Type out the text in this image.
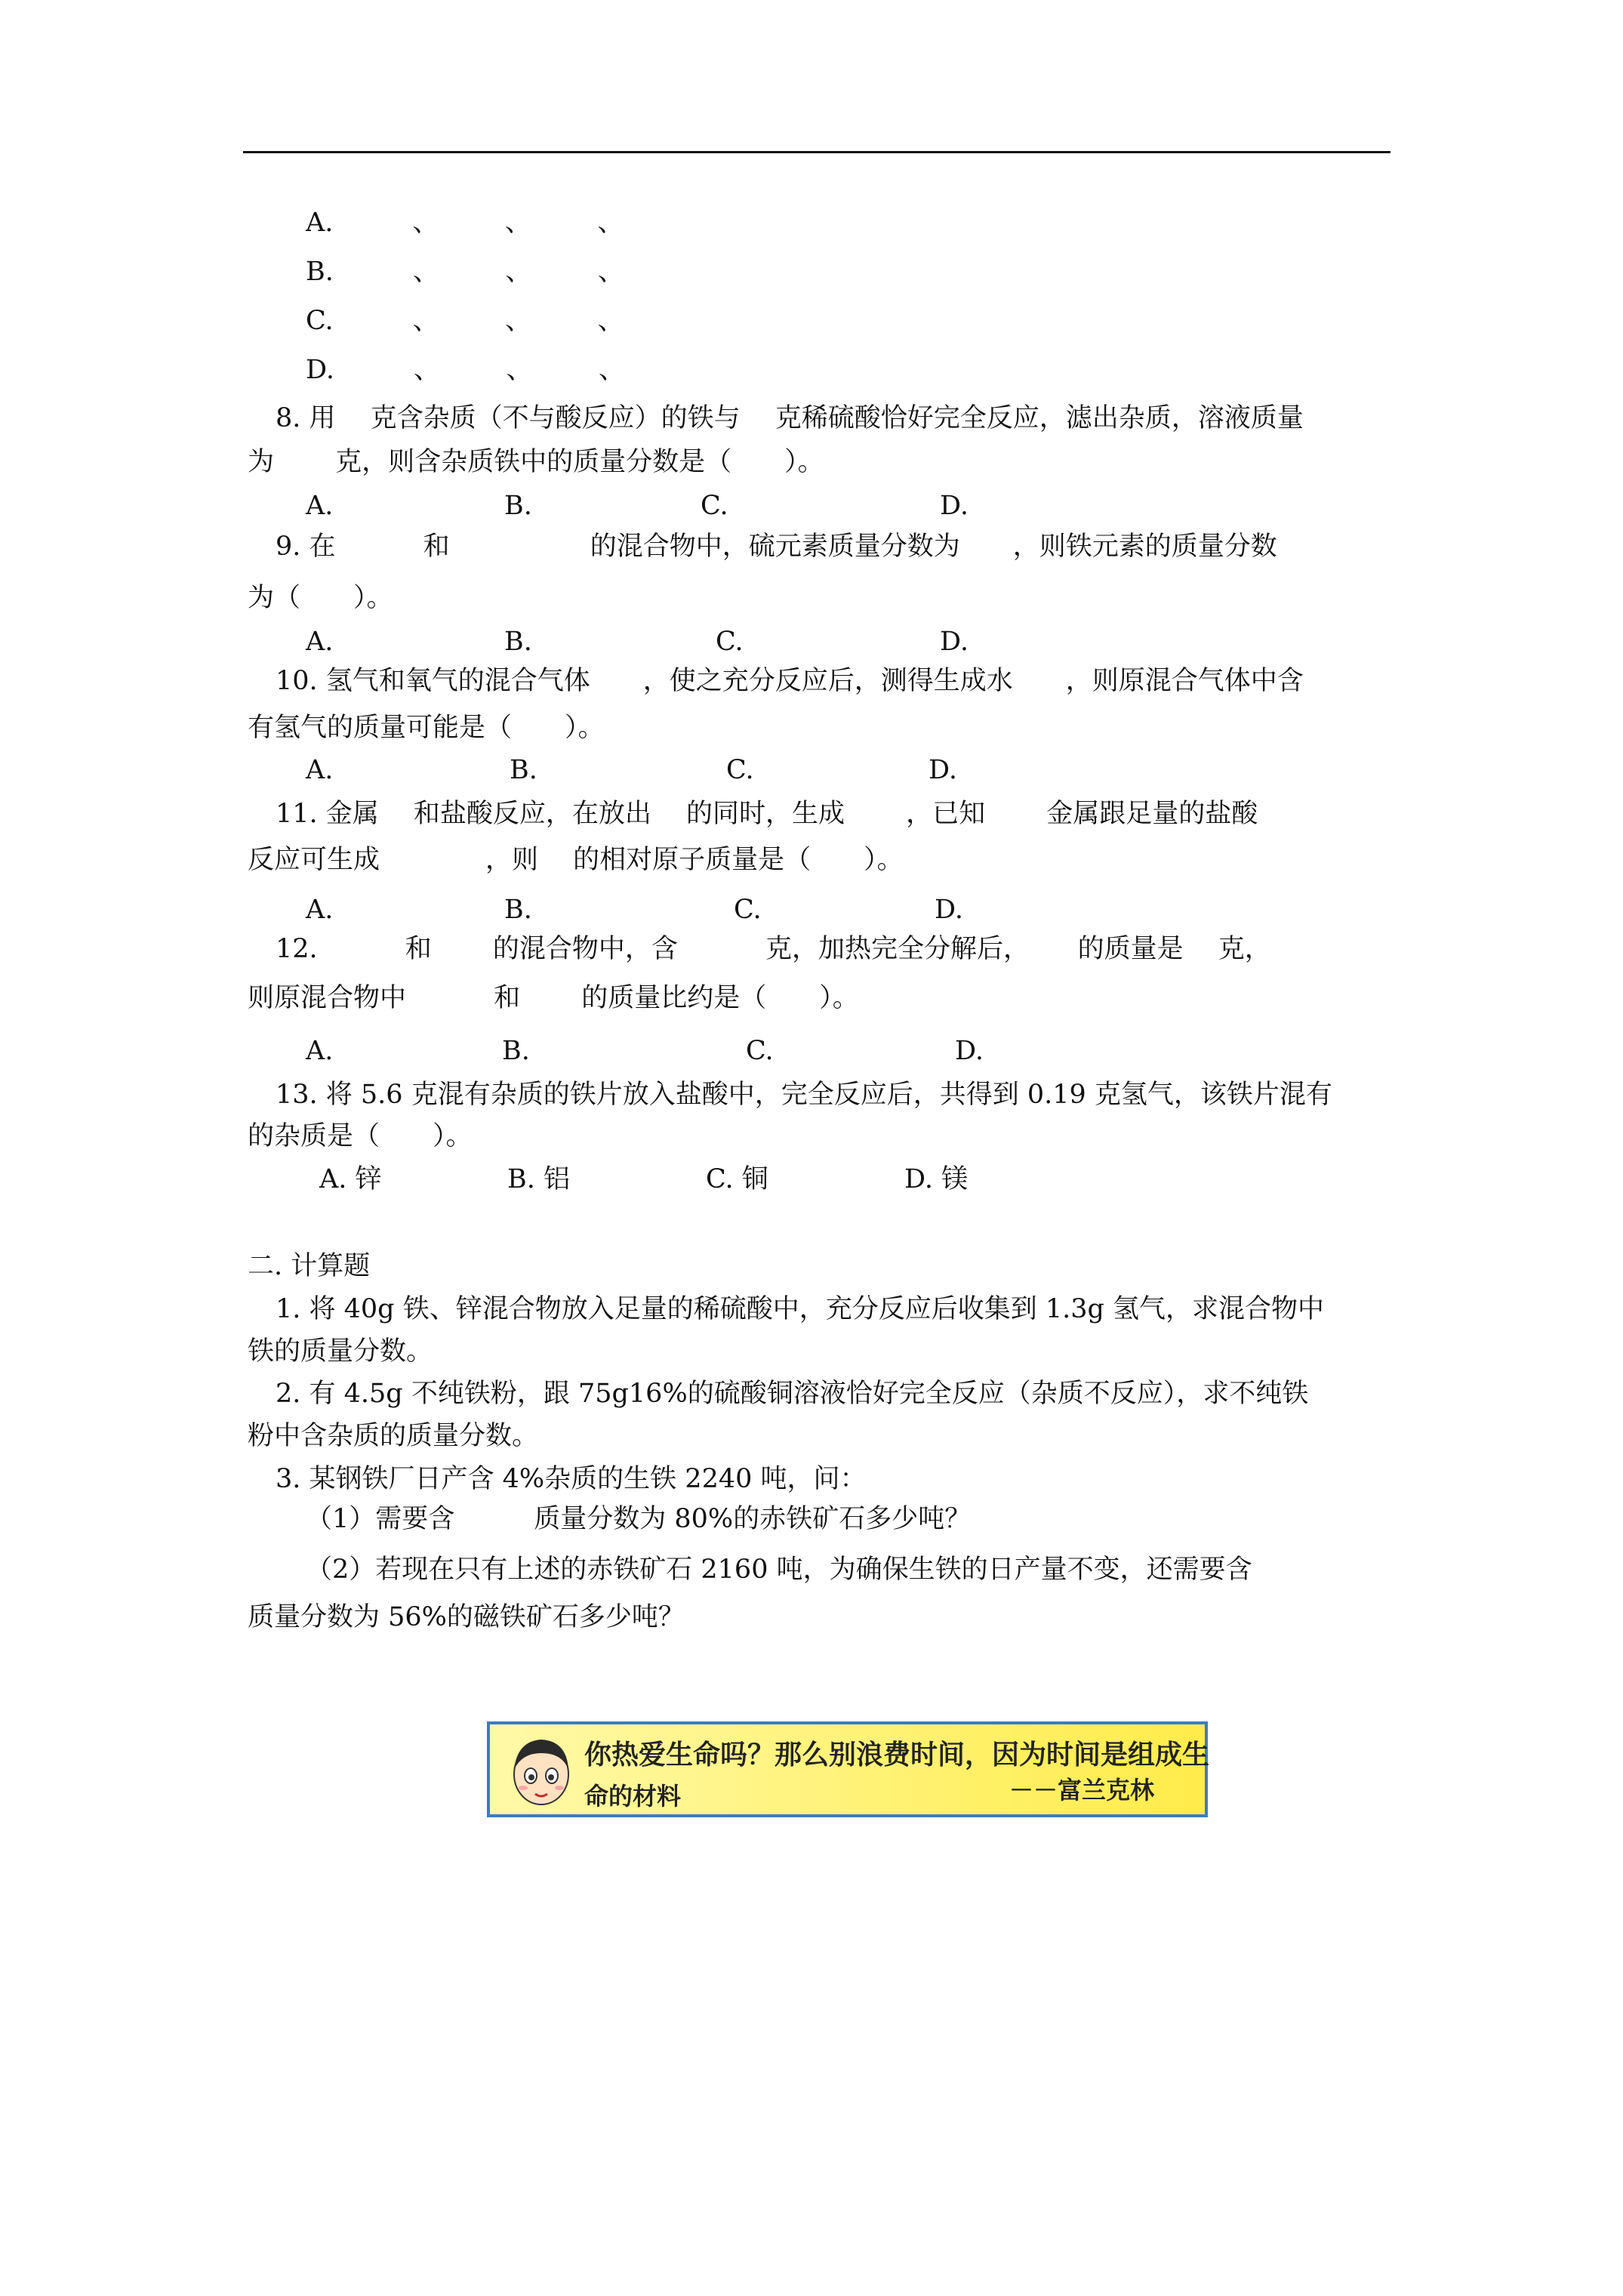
A.　　　、　　　、　　　、
B.　　　、　　　、　　　、
C.　　　、　　　、　　　、
D.　　　、　　　、　　　、
8. 用　 克含杂质（不与酸反应）的铁与　 克稀硫酸恰好完全反应，滤出杂质，溶液质量
为　　 克，则含杂质铁中的质量分数是（　　）。
A.	B.	C.	D.
9. 在　　　 和　　　　　 的混合物中，硫元素质量分数为　　，则铁元素的质量分数
为（　　）。
A.	B.	C.	D.
10. 氢气和氧气的混合气体　　，使之充分反应后，测得生成水　　，则原混合气体中含
有氢气的质量可能是（　　）。
A.	B.	C.	D.
11. 金属　 和盐酸反应，在放出　 的同时，生成　　 ，已知　　 金属跟足量的盐酸
反应可生成　　　　，则　 的相对原子质量是（　　）。
A.	B.	C.	D.
12.　　　 和　　 的混合物中，含　　　 克，加热完全分解后，　　 的质量是　 克，
则原混合物中　　　 和　　 的质量比约是（　　）。
A.	B.	C.	D.
13. 将 5.6 克混有杂质的铁片放入盐酸中，完全反应后，共得到 0.19 克氢气，该铁片混有
的杂质是（　　）。
A. 锌	B. 铝	C. 铜	D. 镁
二. 计算题
1. 将 40g 铁、锌混合物放入足量的稀硫酸中，充分反应后收集到 1.3g 氢气，求混合物中
铁的质量分数。
2. 有 4.5g 不纯铁粉，跟 75g16%的硫酸铜溶液恰好完全反应（杂质不反应），求不纯铁
粉中含杂质的质量分数。
3. 某钢铁厂日产含 4%杂质的生铁 2240 吨，问：
（1）需要含　　　质量分数为 80%的赤铁矿石多少吨？
（2）若现在只有上述的赤铁矿石 2160 吨，为确保生铁的日产量不变，还需要含
质量分数为 56%的磁铁矿石多少吨？
你热爱生命吗？那么别浪费时间，因为时间是组成生
命的材料	－－富兰克林
